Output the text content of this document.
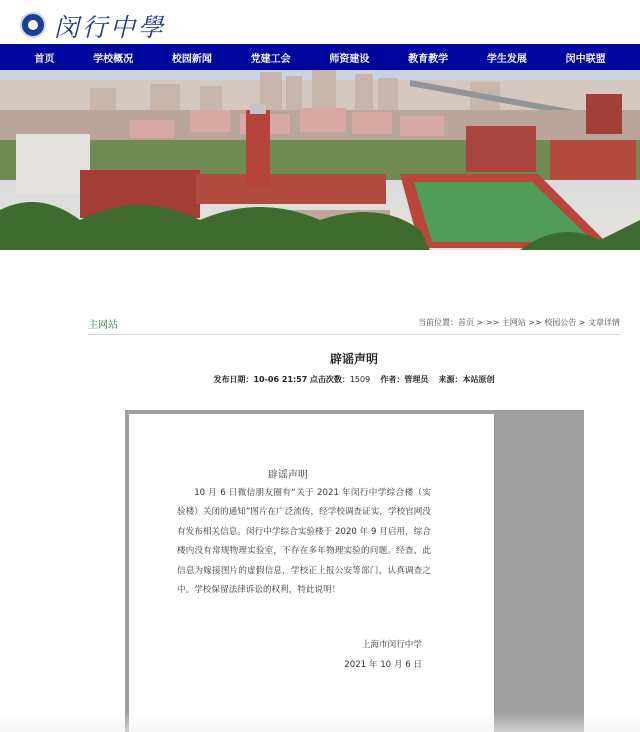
闵行中學
首页	学校概况	校园新闻	党建工会	师资建设	教育教学	学生发展	闵中联盟
主网站	当前位置：首页 > >> 主网站 >> 校园公告 > 文章详情
辟谣声明
发布日期：10-06 21:57 点击次数：1509 作者：管理员 来源：本站原创
辟谣声明
10 月 6 日微信朋友圈有“关于 2021 年闵行中学综合楼（实验楼）关闭的通知”图片在广泛流传，经学校调查证实，学校官网没有发布相关信息。闵行中学综合实验楼于 2020 年 9 月启用，综合楼内没有常规物理实验室，不存在多年物理实验的问题。经查，此信息为嫁接图片的虚假信息，学校正上报公安等部门，认真调查之中。学校保留法律诉讼的权利，特此说明！
上海市闵行中学
2021 年 10 月 6 日
